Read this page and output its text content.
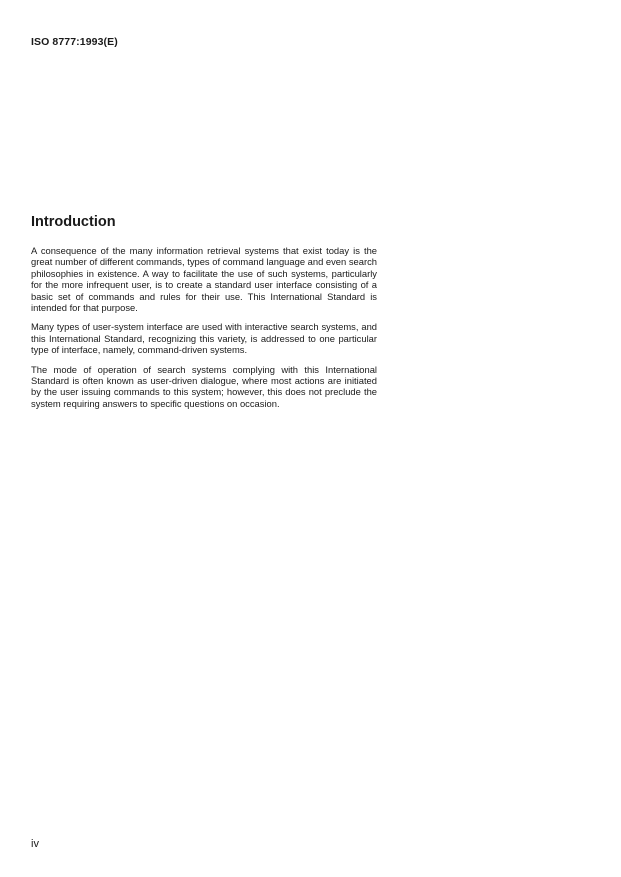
ISO 8777:1993(E)
Introduction

A consequence of the many information retrieval systems that exist today is the great number of different commands, types of command language and even search philosophies in existence. A way to facilitate the use of such systems, particularly for the more infrequent user, is to create a standard user interface consisting of a basic set of commands and rules for their use. This International Standard is intended for that purpose.

Many types of user-system interface are used with interactive search systems, and this International Standard, recognizing this variety, is addressed to one particular type of interface, namely, command-driven systems.

The mode of operation of search systems complying with this International Standard is often known as user-driven dialogue, where most actions are initiated by the user issuing commands to this system; however, this does not preclude the system requiring answers to specific questions on occasion.

iv
